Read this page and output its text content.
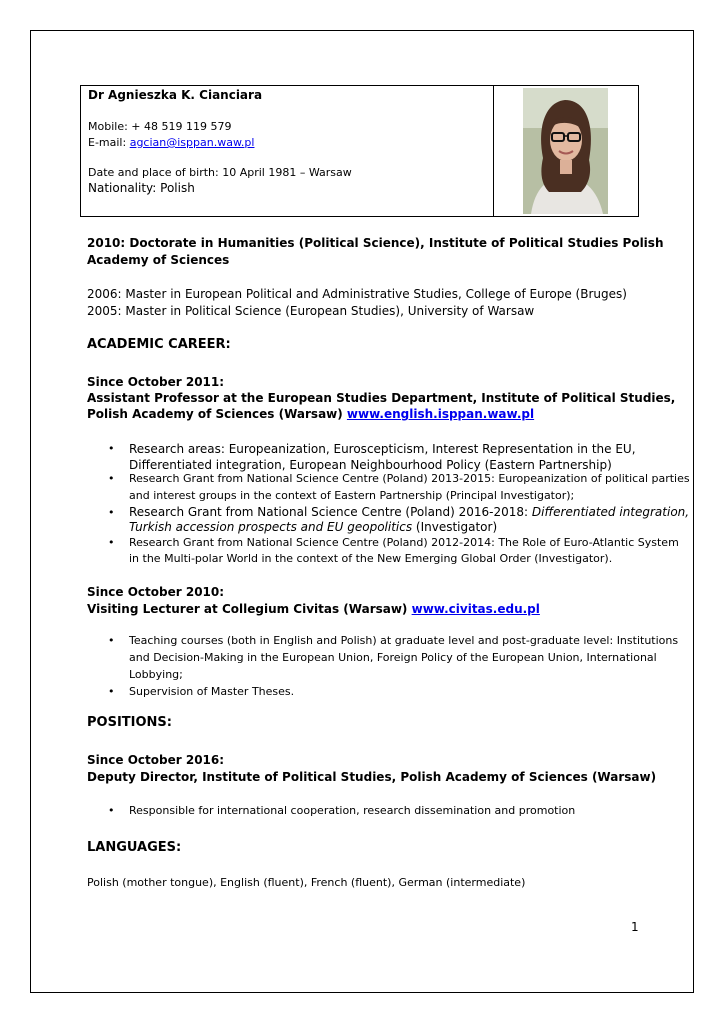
Dr Agnieszka K. Cianciara
Mobile: + 48 519 119 579
E-mail: agcian@isppan.waw.pl
Date and place of birth: 10 April 1981 – Warsaw
Nationality: Polish
2010: Doctorate in Humanities (Political Science), Institute of Political Studies Polish
Academy of Sciences
2006: Master in European Political and Administrative Studies, College of Europe (Bruges)
2005: Master in Political Science (European Studies), University of Warsaw
ACADEMIC CAREER:
Since October 2011:
Assistant Professor at the European Studies Department, Institute of Political Studies,
Polish Academy of Sciences (Warsaw) www.english.isppan.waw.pl
• Research areas: Europeanization, Euroscepticism, Interest Representation in the EU,
Differentiated integration, European Neighbourhood Policy (Eastern Partnership)
• Research Grant from National Science Centre (Poland) 2013-2015: Europeanization of political parties
and interest groups in the context of Eastern Partnership (Principal Investigator);
• Research Grant from National Science Centre (Poland) 2016-2018: Differentiated integration,
Turkish accession prospects and EU geopolitics (Investigator)
• Research Grant from National Science Centre (Poland) 2012-2014: The Role of Euro-Atlantic System
in the Multi-polar World in the context of the New Emerging Global Order (Investigator).
Since October 2010:
Visiting Lecturer at Collegium Civitas (Warsaw) www.civitas.edu.pl
• Teaching courses (both in English and Polish) at graduate level and post-graduate level: Institutions
and Decision-Making in the European Union, Foreign Policy of the European Union, International
Lobbying;
• Supervision of Master Theses.
POSITIONS:
Since October 2016:
Deputy Director, Institute of Political Studies, Polish Academy of Sciences (Warsaw)
• Responsible for international cooperation, research dissemination and promotion
LANGUAGES:
Polish (mother tongue), English (fluent), French (fluent), German (intermediate)
1
